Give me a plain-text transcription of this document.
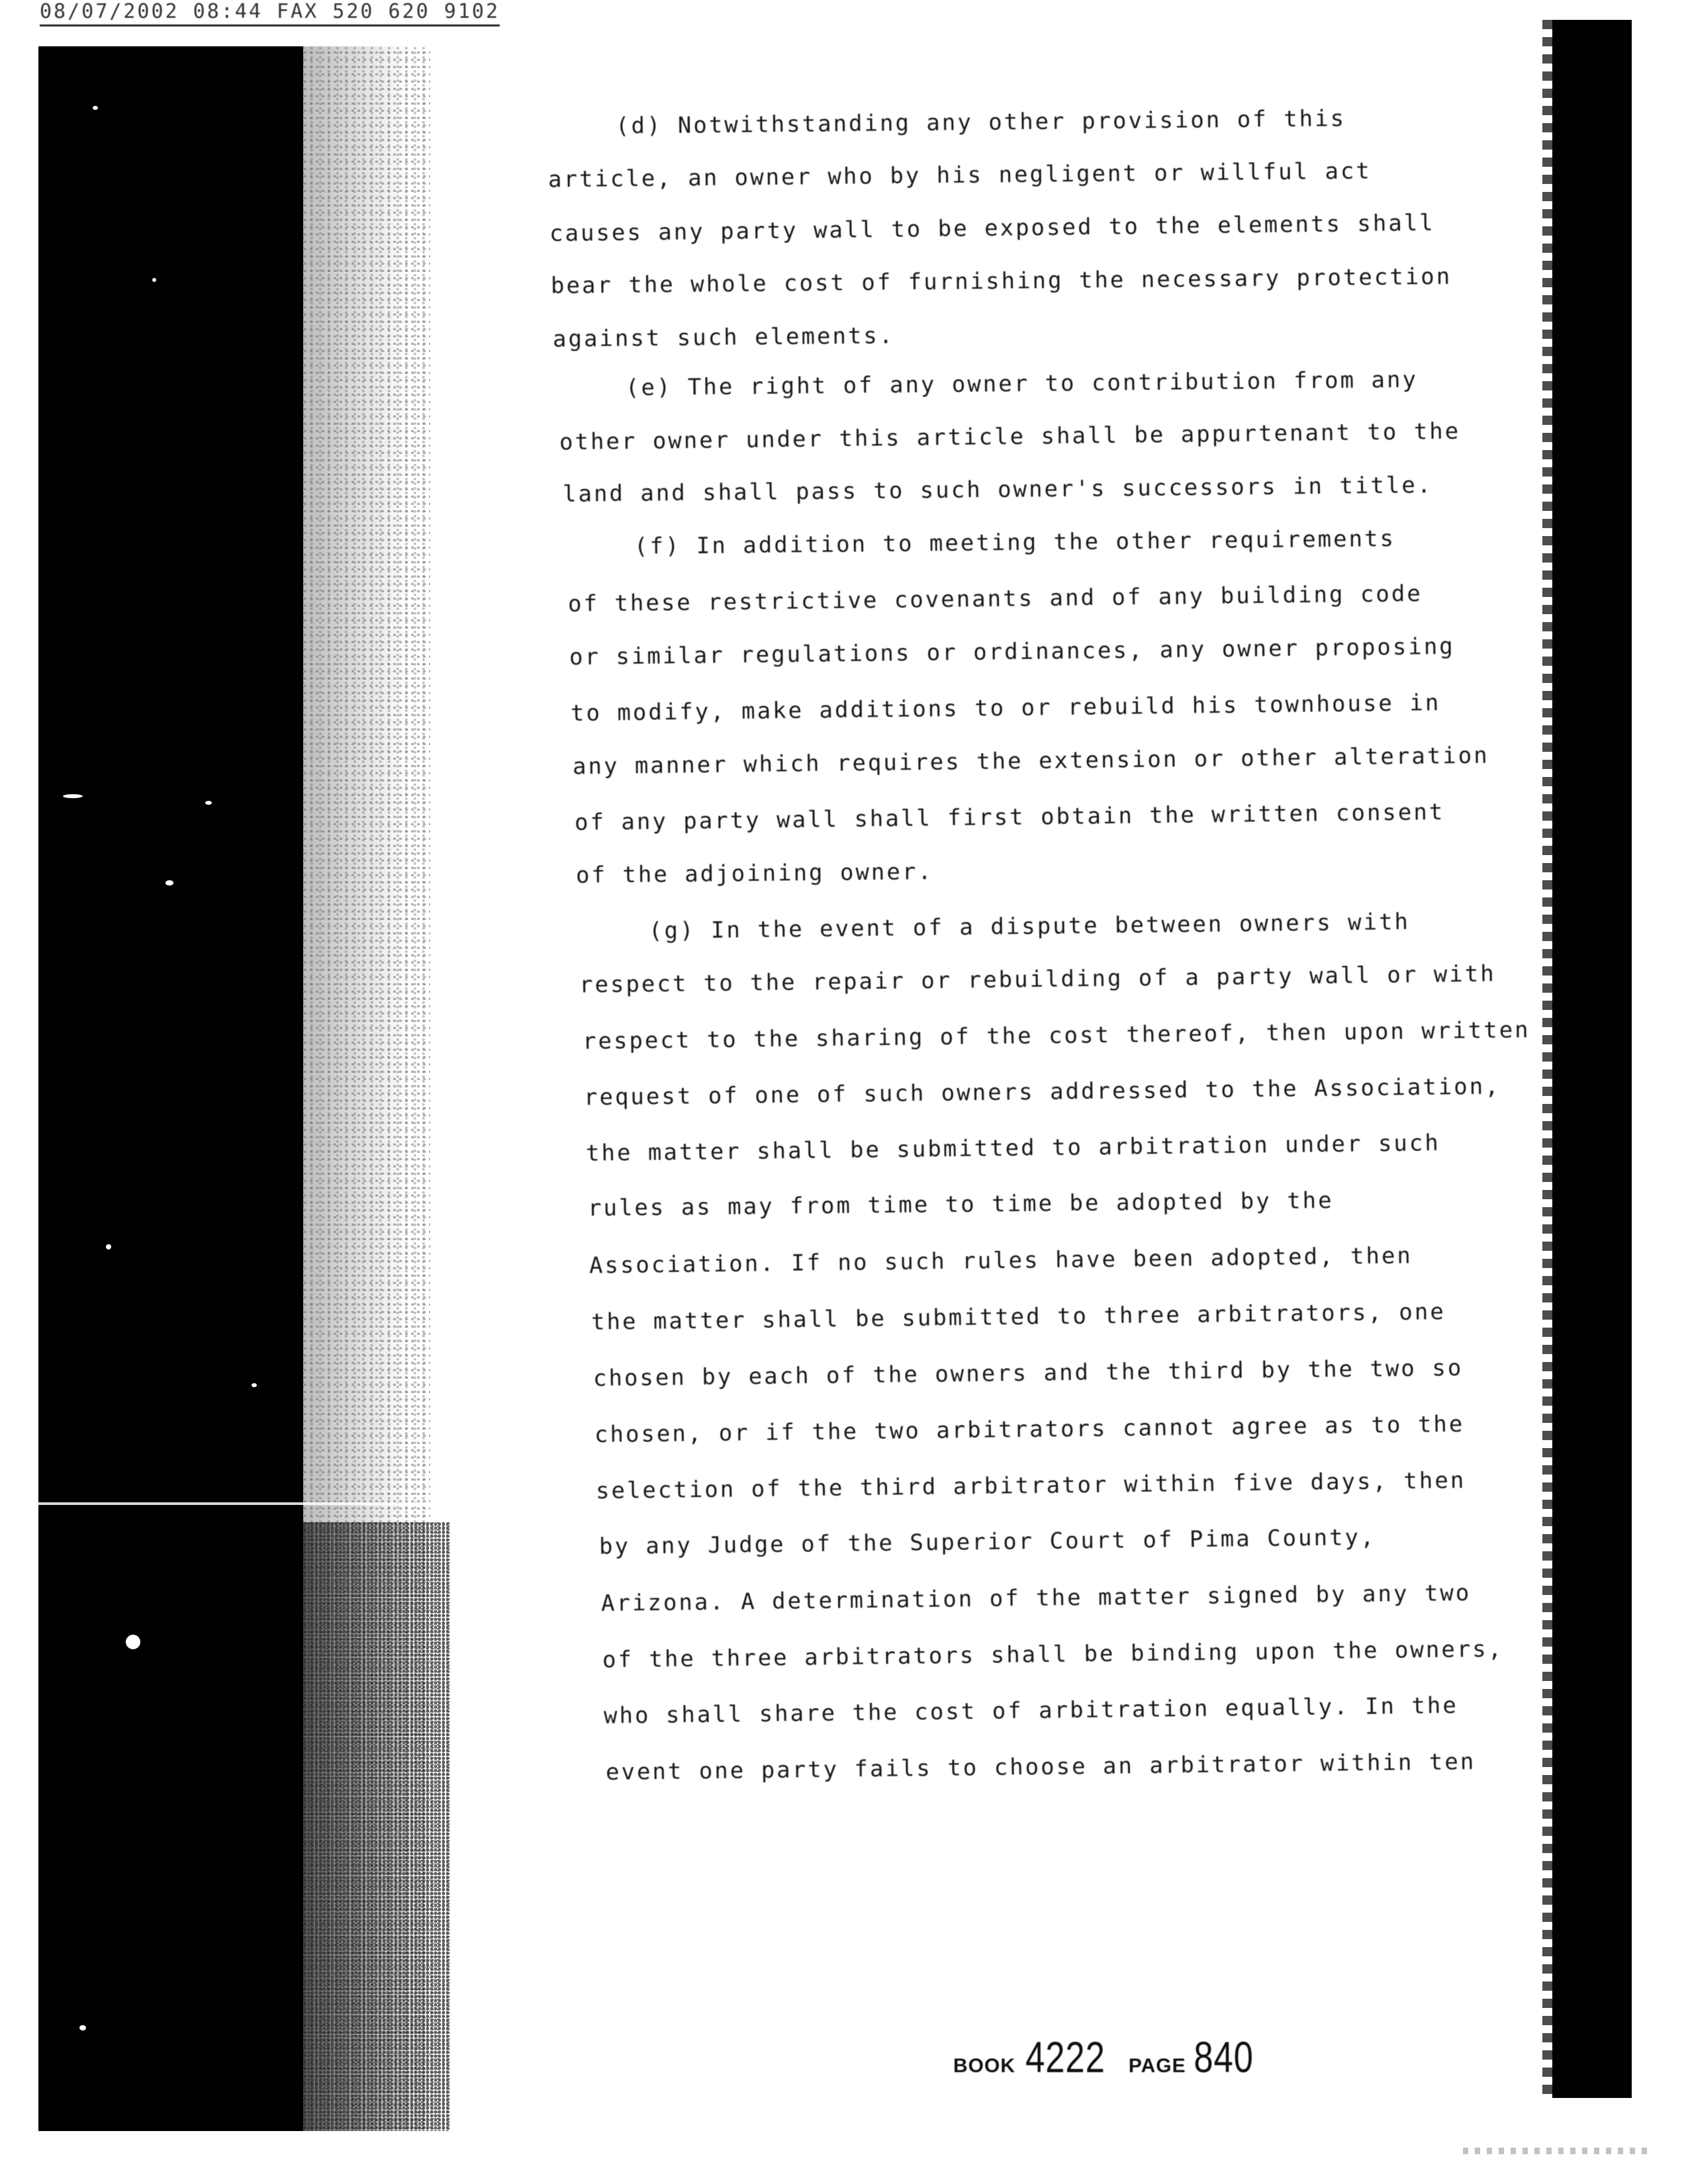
08/07/2002 08:44 FAX 520 620 9102
(d) Notwithstanding any other provision of this
article, an owner who by his negligent or willful act
causes any party wall to be exposed to the elements shall
bear the whole cost of furnishing the necessary protection
against such elements.
(e) The right of any owner to contribution from any
other owner under this article shall be appurtenant to the
land and shall pass to such owner's successors in title.
(f) In addition to meeting the other requirements
of these restrictive covenants and of any building code
or similar regulations or ordinances, any owner proposing
to modify, make additions to or rebuild his townhouse in
any manner which requires the extension or other alteration
of any party wall shall first obtain the written consent
of the adjoining owner.
(g) In the event of a dispute between owners with
respect to the repair or rebuilding of a party wall or with
respect to the sharing of the cost thereof, then upon written
request of one of such owners addressed to the Association,
the matter shall be submitted to arbitration under such
rules as may from time to time be adopted by the
Association. If no such rules have been adopted, then
the matter shall be submitted to three arbitrators, one
chosen by each of the owners and the third by the two so
chosen, or if the two arbitrators cannot agree as to the
selection of the third arbitrator within five days, then
by any Judge of the Superior Court of Pima County,
Arizona. A determination of the matter signed by any two
of the three arbitrators shall be binding upon the owners,
who shall share the cost of arbitration equally. In the
event one party fails to choose an arbitrator within ten
BOOK 4222 PAGE 840
